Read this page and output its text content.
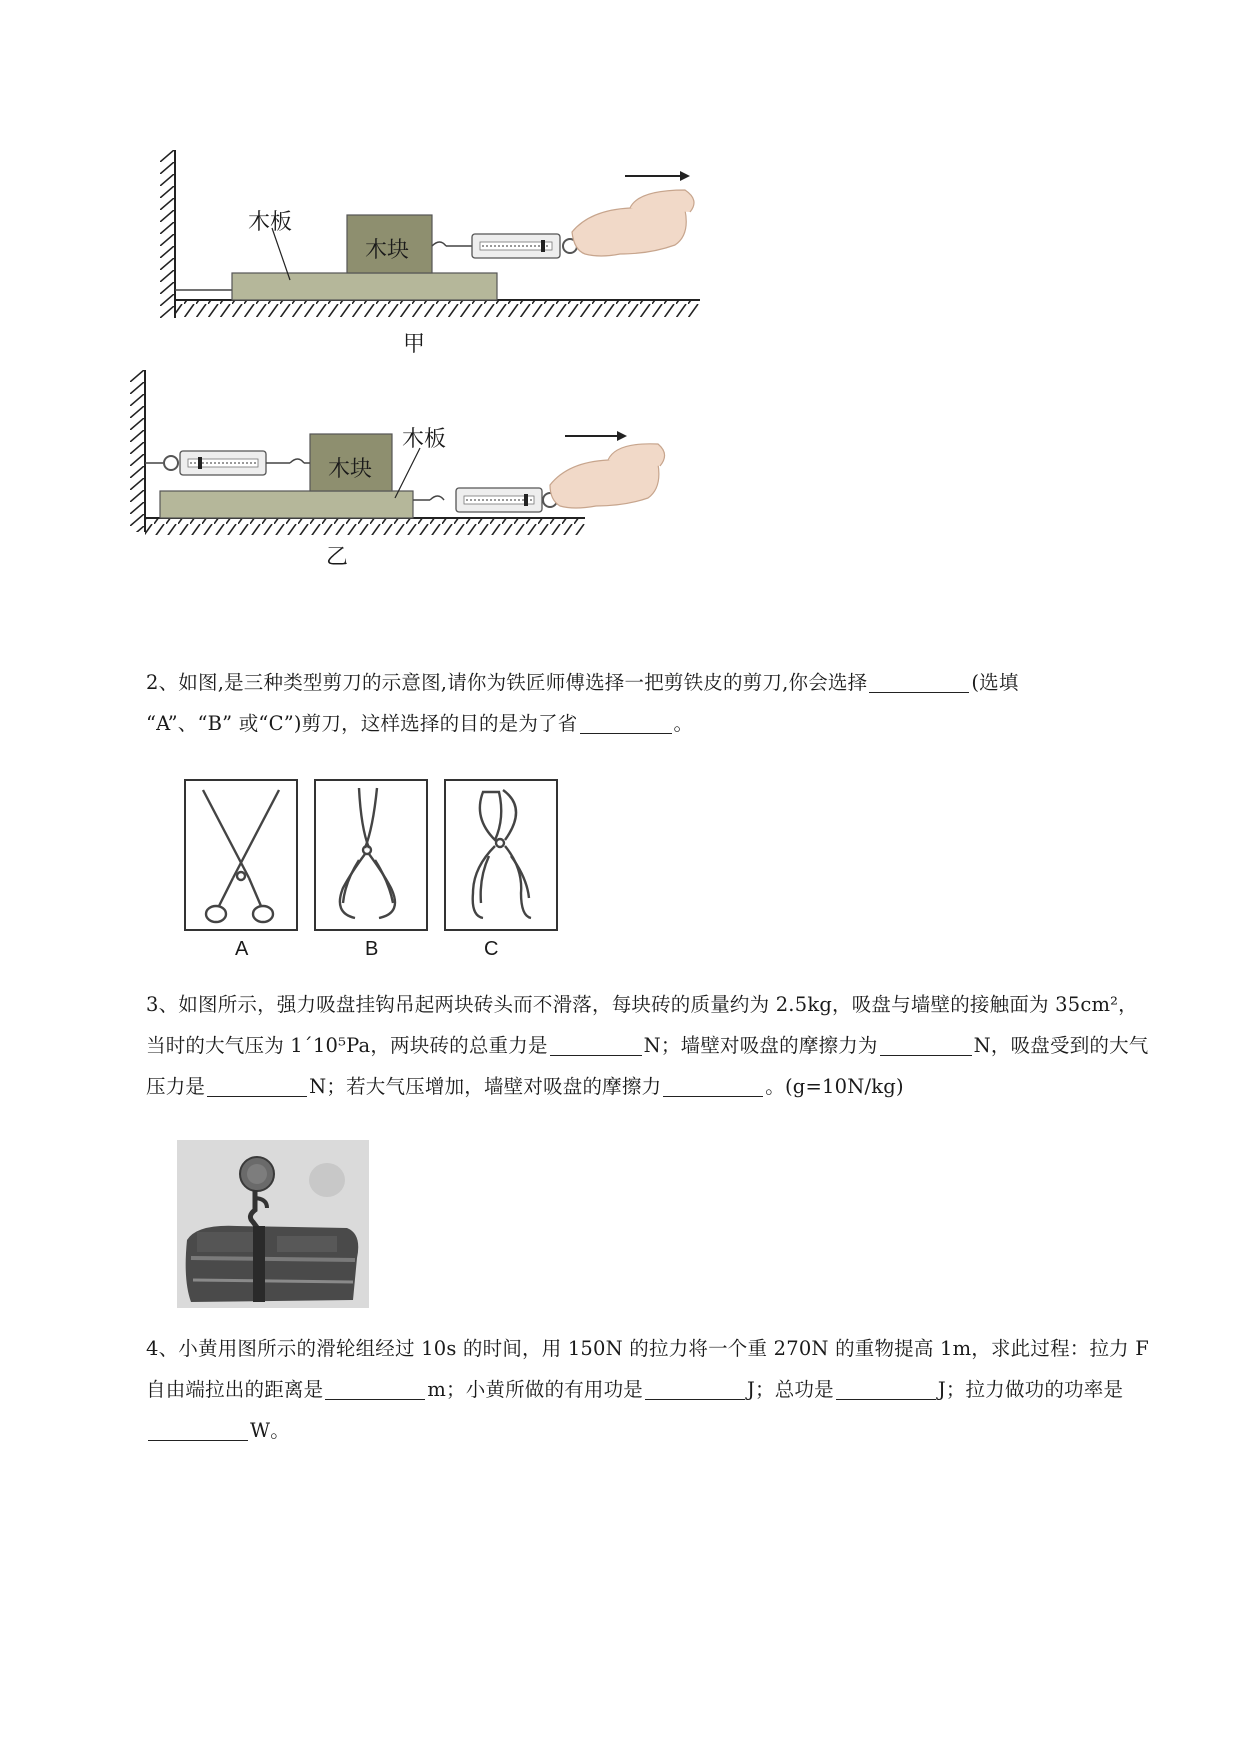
木板
木块
甲
木板
木块
乙
2、如图,是三种类型剪刀的示意图,请你为铁匠师傅选择一把剪铁皮的剪刀,你会选择	(选填
“A”、“B” 或“C”)剪刀，这样选择的目的是为了省	。
A	B	C
3、如图所示，强力吸盘挂钩吊起两块砖头而不滑落，每块砖的质量约为 2.5kg，吸盘与墙壁的接触面为 35cm²，当时的大气压为 1´10⁵Pa，两块砖的总重力是	N；墙壁对吸盘的摩擦力为	N，吸盘受到的大气压力是	N；若大气压增加，墙壁对吸盘的摩擦力	。(g=10N/kg)
4、小黄用图所示的滑轮组经过 10s 的时间，用 150N 的拉力将一个重 270N 的重物提高 1m，求此过程：拉力 F 自由端拉出的距离是	m；小黄所做的有用功是	J；总功是	J；拉力做功的功率是W。
